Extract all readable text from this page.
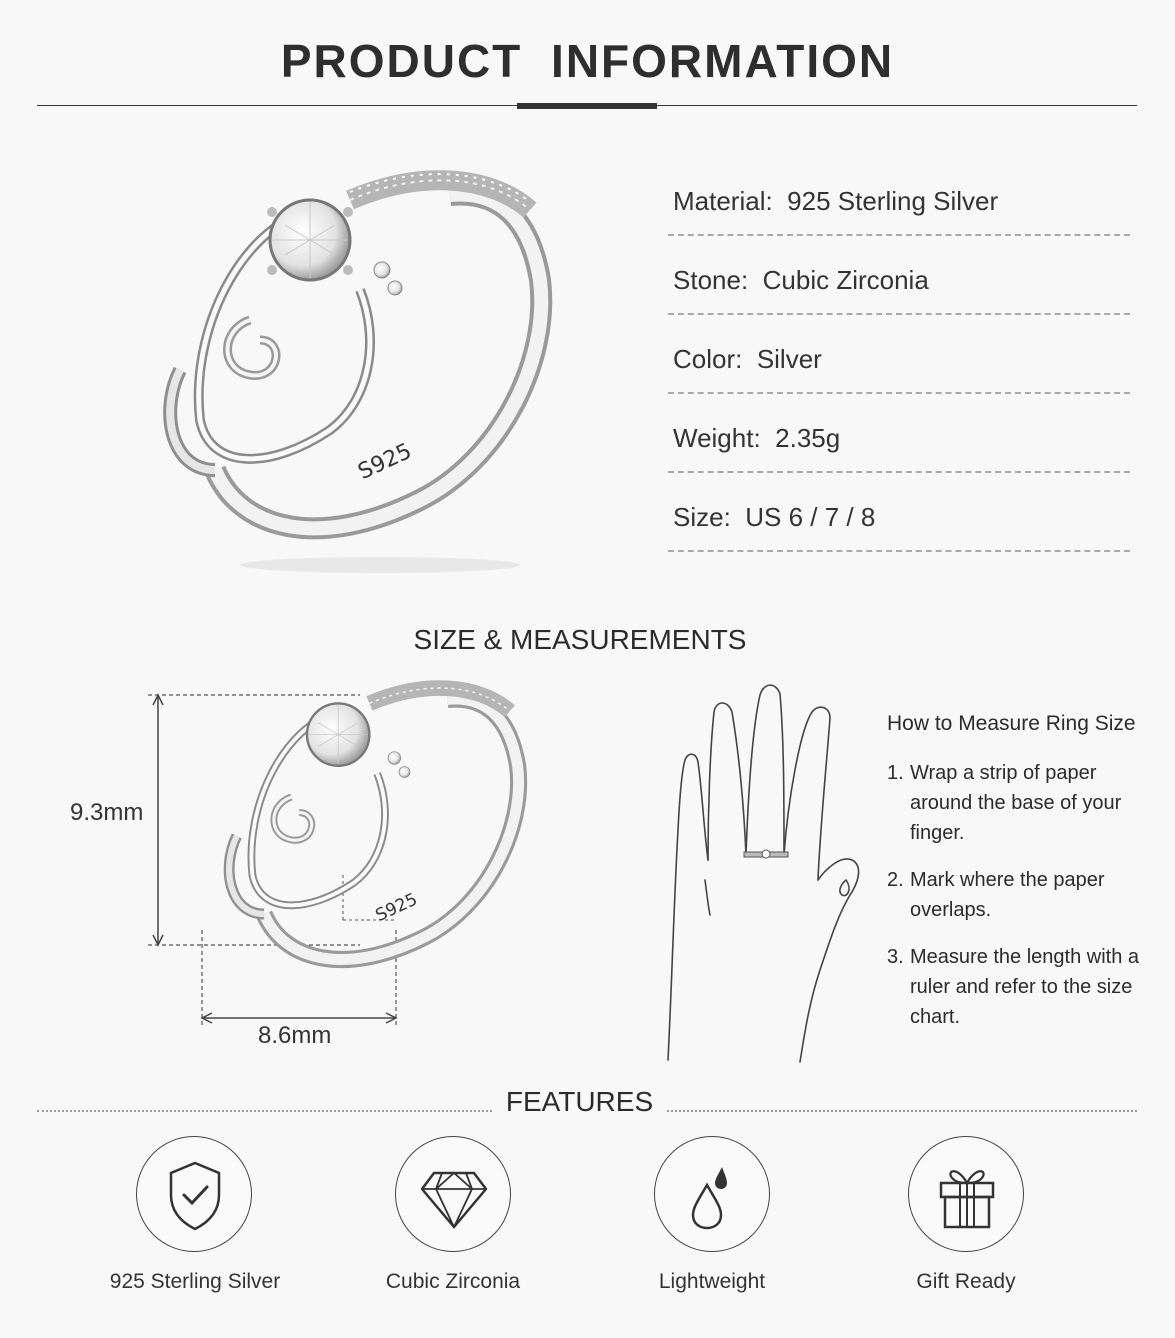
PRODUCT INFORMATION
S925
Material: 925 Sterling Silver
Stone: Cubic Zirconia
Color: Silver
Weight: 2.35g
Size: US 6 / 7 / 8
SIZE & MEASUREMENTS
S925
9.3mm
8.6mm
How to Measure Ring Size
1. Wrap a strip of paper around the base of your finger.
2. Mark where the paper overlaps.
3. Measure the length with a ruler and refer to the size chart.
FEATURES
925 Sterling Silver	Cubic Zirconia	Lightweight	Gift Ready
